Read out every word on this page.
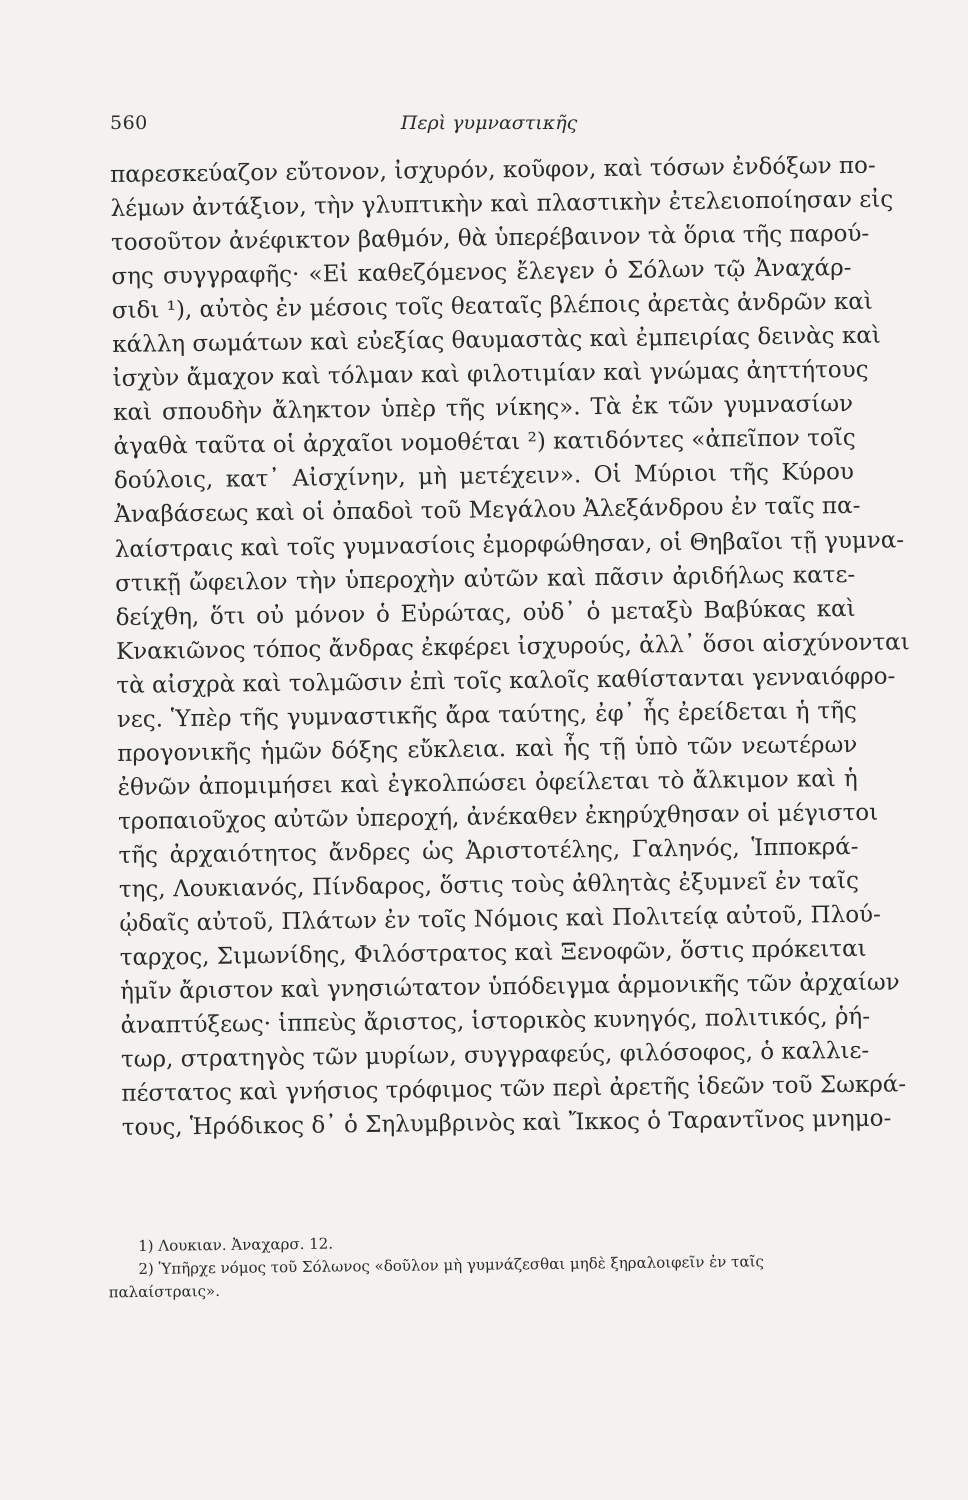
560	Περὶ γυμναστικῆς
παρεσκεύαζον εὔτονον, ἰσχυρόν, κοῦφον, καὶ τόσων ἐνδόξων πο-
λέμων ἀντάξιον, τὴν γλυπτικὴν καὶ πλαστικὴν ἐτελειοποίησαν εἰς
τοσοῦτον ἀνέφικτον βαθμόν, θὰ ὑπερέβαινον τὰ ὅρια τῆς παρού-
σης συγγραφῆς· «Εἰ καθεζόμενος ἔλεγεν ὁ Σόλων τῷ Ἀναχάρ-
σιδι ¹), αὐτὸς ἐν μέσοις τοῖς θεαταῖς βλέποις ἀρετὰς ἀνδρῶν καὶ
κάλλη σωμάτων καὶ εὐεξίας θαυμαστὰς καὶ ἐμπειρίας δεινὰς καὶ
ἰσχὺν ἄμαχον καὶ τόλμαν καὶ φιλοτιμίαν καὶ γνώμας ἀηττήτους
καὶ σπουδὴν ἄληκτον ὑπὲρ τῆς νίκης». Τὰ ἐκ τῶν γυμνασίων
ἀγαθὰ ταῦτα οἱ ἀρχαῖοι νομοθέται ²) κατιδόντες «ἀπεῖπον τοῖς
δούλοις, κατ᾽ Αἰσχίνην, μὴ μετέχειν». Οἱ Μύριοι τῆς Κύρου
Ἀναβάσεως καὶ οἱ ὀπαδοὶ τοῦ Μεγάλου Ἀλεξάνδρου ἐν ταῖς πα-
λαίστραις καὶ τοῖς γυμνασίοις ἐμορφώθησαν, οἱ Θηβαῖοι τῇ γυμνα-
στικῇ ὤφειλον τὴν ὑπεροχὴν αὐτῶν καὶ πᾶσιν ἀριδήλως κατε-
δείχθη, ὅτι οὐ μόνον ὁ Εὐρώτας, οὐδ᾽ ὁ μεταξὺ Βαβύκας καὶ
Κνακιῶνος τόπος ἄνδρας ἐκφέρει ἰσχυρούς, ἀλλ᾽ ὅσοι αἰσχύνονται
τὰ αἰσχρὰ καὶ τολμῶσιν ἐπὶ τοῖς καλοῖς καθίστανται γενναιόφρο-
νες. Ὑπὲρ τῆς γυμναστικῆς ἄρα ταύτης, ἐφ᾽ ἧς ἐρείδεται ἡ τῆς
προγονικῆς ἡμῶν δόξης εὔκλεια. καὶ ἧς τῇ ὑπὸ τῶν νεωτέρων
ἐθνῶν ἀπομιμήσει καὶ ἐγκολπώσει ὀφείλεται τὸ ἄλκιμον καὶ ἡ
τροπαιοῦχος αὐτῶν ὑπεροχή, ἀνέκαθεν ἐκηρύχθησαν οἱ μέγιστοι
τῆς ἀρχαιότητος ἄνδρες ὡς Ἀριστοτέλης, Γαληνός, Ἱπποκρά-
της, Λουκιανός, Πίνδαρος, ὅστις τοὺς ἀθλητὰς ἐξυμνεῖ ἐν ταῖς
ᾠδαῖς αὐτοῦ, Πλάτων ἐν τοῖς Νόμοις καὶ Πολιτείᾳ αὐτοῦ, Πλού-
ταρχος, Σιμωνίδης, Φιλόστρατος καὶ Ξενοφῶν, ὅστις πρόκειται
ἡμῖν ἄριστον καὶ γνησιώτατον ὑπόδειγμα ἁρμονικῆς τῶν ἀρχαίων
ἀναπτύξεως· ἱππεὺς ἄριστος, ἱστορικὸς κυνηγός, πολιτικός, ῥή-
τωρ, στρατηγὸς τῶν μυρίων, συγγραφεύς, φιλόσοφος, ὁ καλλιε-
πέστατος καὶ γνήσιος τρόφιμος τῶν περὶ ἀρετῆς ἰδεῶν τοῦ Σωκρά-
τους, Ἡρόδικος δ᾽ ὁ Σηλυμβρινὸς καὶ Ἴκκος ὁ Ταραντῖνος μνημο-
1) Λουκιαν. Ἀναχαρσ. 12.
2) Ὑπῆρχε νόμος τοῦ Σόλωνος «δοῦλον μὴ γυμνάζεσθαι μηδὲ ξηραλοιφεῖν ἐν ταῖς
παλαίστραις».
